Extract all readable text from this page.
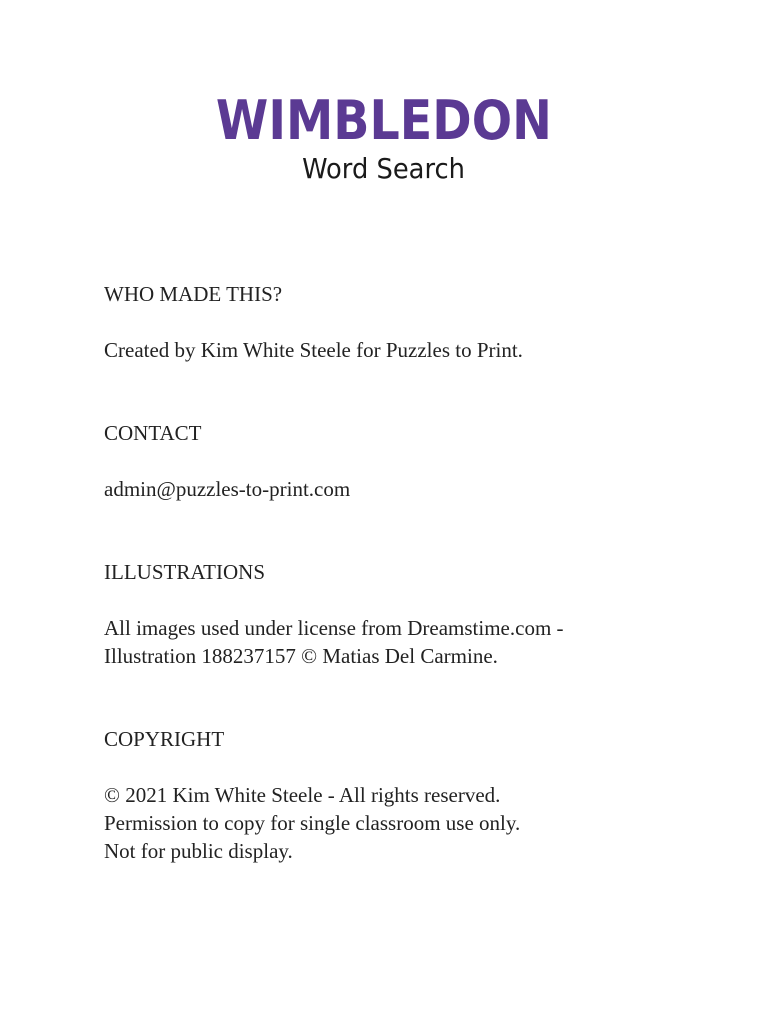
WIMBLEDON
Word Search

WHO MADE THIS?

Created by Kim White Steele for Puzzles to Print.

CONTACT

admin@puzzles-to-print.com

ILLUSTRATIONS

All images used under license from Dreamstime.com -

Illustration 188237157 © Matias Del Carmine.

COPYRIGHT

© 2021 Kim White Steele - All rights reserved.

Permission to copy for single classroom use only.

Not for public display.
